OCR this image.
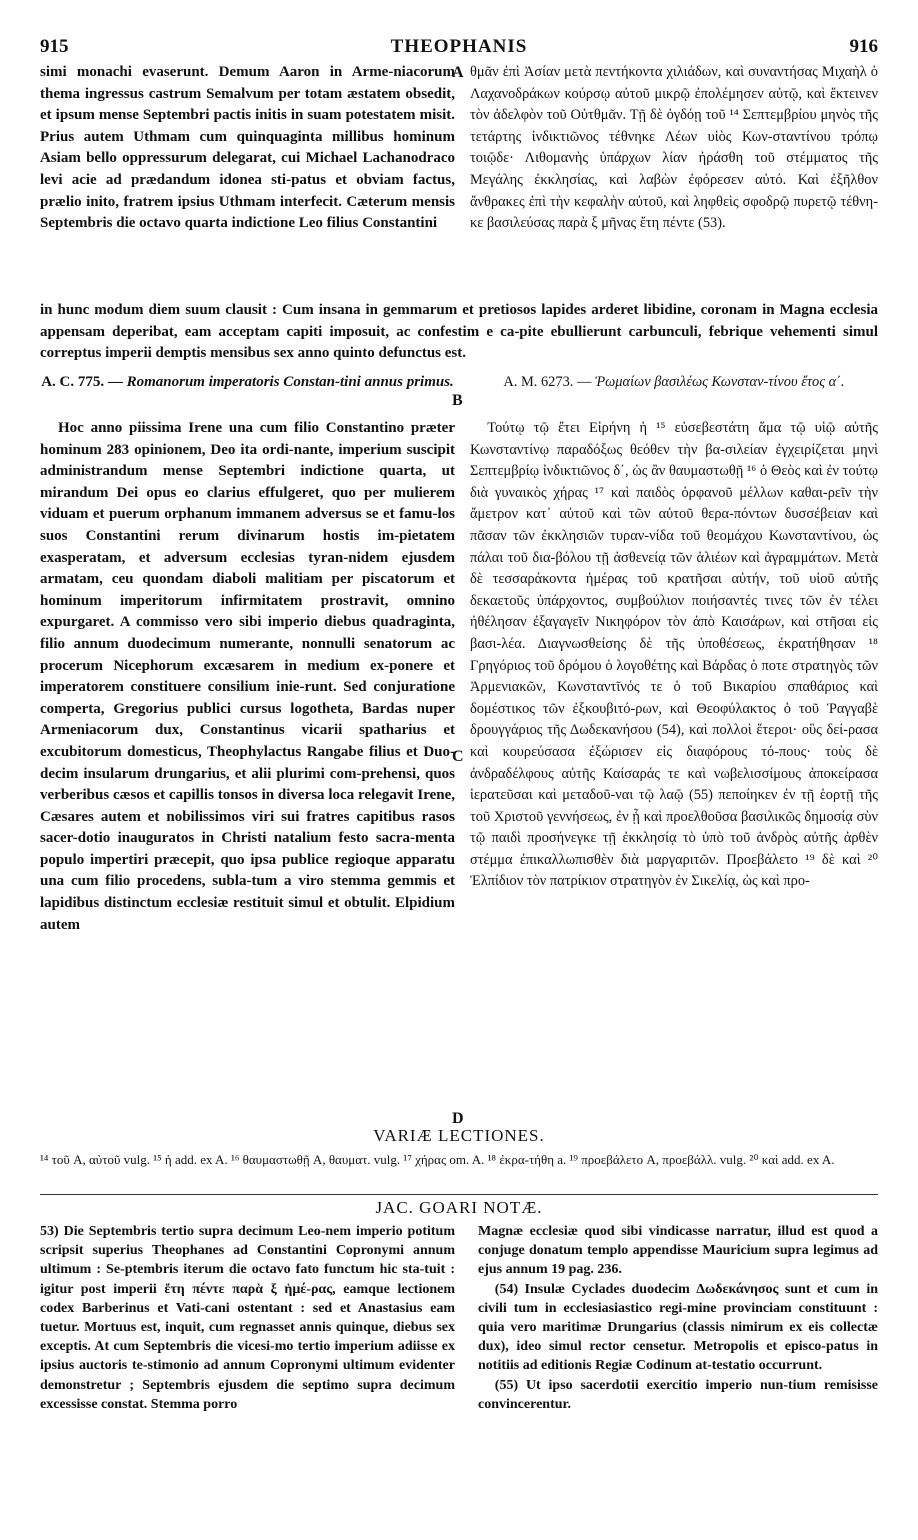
915	THEOPHANIS	916

simi monachi evaserunt. Demum Aaron in Arme-niacorum thema ingressus castrum Semalvum per totam æstatem obsedit, et ipsum mense Septembri pactis initis in suam potestatem misit. Prius autem Uthmam cum quinquaginta millibus hominum Asiam bello oppressurum delegarat, cui Michael Lachanodraco levi acie ad prædandum idonea sti-patus et obviam factus, prælio inito, fratrem ipsius Uthmam interfecit. Cæterum mensis Septembris die octavo quarta indictione Leo filius Constantini

θμᾶν ἐπὶ Ἀσίαν μετὰ πεντήκοντα χιλιάδων, καὶ συναντήσας Μιχαὴλ ὁ Λαχανοδράκων κούρσῳ αὐτοῦ μικρῷ ἐπολέμησεν αὐτῷ, καὶ ἔκτεινεν τὸν ἀδελφὸν τοῦ Οὐτθμᾶν. Τῇ δὲ ὀγδόῃ τοῦ ¹⁴ Σεπτεμβρίου μηνὸς τῆς τετάρτης ἰνδικτιῶνος τέθνηκε Λέων υἱὸς Κων-σταντίνου τρόπῳ τοιῷδε· Λιθομανὴς ὑπάρχων λίαν ἠράσθη τοῦ στέμματος τῆς Μεγάλης ἐκκλησίας, καὶ λαβὼν ἐφόρεσεν αὐτό. Καὶ ἐξῆλθον ἄνθρακες ἐπὶ τὴν κεφαλὴν αὐτοῦ, καὶ ληφθεὶς σφοδρῷ πυρετῷ τέθνη-κε βασιλεύσας παρὰ ξ μῆνας ἔτη πέντε (53).

in hunc modum diem suum clausit : Cum insana in gemmarum et pretiosos lapides arderet libidine, coronam in Magna ecclesia appensam deperibat, eam acceptam capiti imposuit, ac confestim e ca-pite ebullierunt carbunculi, febrique vehementi simul correptus imperii demptis mensibus sex anno quinto defunctus est.

A. C. 775. — Romanorum imperatoris Constan-tini annus primus.	A. M. 6273. — Ῥωμαίων βασιλέως Κωνσταν-τίνου ἔτος α΄.

Hoc anno piissima Irene una cum filio Constantino præter hominum 283 opinionem, Deo ita ordi-nante, imperium suscipit administrandum mense Septembri indictione quarta, ut mirandum Dei opus eo clarius effulgeret, quo per mulierem viduam et puerum orphanum immanem adversus se et famu-los suos Constantini rerum divinarum hostis im-pietatem exasperatam, et adversum ecclesias tyran-nidem ejusdem armatam, ceu quondam diaboli malitiam per piscatorum et hominum imperitorum infirmitatem prostravit, omnino expurgaret. A commisso vero sibi imperio diebus quadraginta, filio annum duodecimum numerante, nonnulli senatorum ac procerum Nicephorum excæsarem in medium ex-ponere et imperatorem constituere consilium inie-runt. Sed conjuratione comperta, Gregorius publici cursus logotheta, Bardas nuper Armeniacorum dux, Constantinus vicarii spatharius et excubitorum domesticus, Theophylactus Rangabe filius et Duo-decim insularum drungarius, et alii plurimi com-prehensi, quos verberibus cæsos et capillis tonsos in diversa loca relegavit Irene, Cæsares autem et nobilissimos viri sui fratres capitibus rasos sacer-dotio inauguratos in Christi natalium festo sacra-menta populo impertiri præcepit, quo ipsa publice regioque apparatu una cum filio procedens, subla-tum a viro stemma gemmis et lapidibus distinctum ecclesiæ restituit simul et obtulit. Elpidium autem

Τούτῳ τῷ ἔτει Εἰρήνη ἡ ¹⁵ εὐσεβεστάτη ἅμα τῷ υἱῷ αὐτῆς Κωνσταντίνῳ παραδόξως θεόθεν τὴν βα-σιλείαν ἐγχειρίζεται μηνὶ Σεπτεμβρίῳ ἰνδικτιῶνος δ΄, ὡς ἂν θαυμαστωθῇ ¹⁶ ὁ Θεὸς καὶ ἐν τούτῳ διὰ γυναικὸς χήρας ¹⁷ καὶ παιδὸς ὀρφανοῦ μέλλων καθαι-ρεῖν τὴν ἄμετρον κατ᾽ αὐτοῦ καὶ τῶν αὐτοῦ θερα-πόντων δυσσέβειαν καὶ πᾶσαν τῶν ἐκκλησιῶν τυραν-νίδα τοῦ θεομάχου Κωνσταντίνου, ὡς πάλαι τοῦ δια-βόλου τῇ ἀσθενείᾳ τῶν ἁλιέων καὶ ἀγραμμάτων. Μετὰ δὲ τεσσαράκοντα ἡμέρας τοῦ κρατῆσαι αὐτήν, τοῦ υἱοῦ αὐτῆς δεκαετοῦς ὑπάρχοντος, συμβούλιον ποιήσαντές τινες τῶν ἐν τέλει ἠθέλησαν ἐξαγαγεῖν Νικηφόρον τὸν ἀπὸ Καισάρων, καὶ στῆσαι εἰς βασι-λέα. Διαγνωσθείσης δὲ τῆς ὑποθέσεως, ἐκρατήθησαν ¹⁸ Γρηγόριος τοῦ δρόμου ὁ λογοθέτης καὶ Βάρδας ὁ ποτε στρατηγὸς τῶν Ἀρμενιακῶν, Κωνσταντῖνός τε ὁ τοῦ Βικαρίου σπαθάριος καὶ δομέστικος τῶν ἐξκουβιτό-ρων, καὶ Θεοφύλακτος ὁ τοῦ Ῥαγγαβὲ δρουγγάριος τῆς Δωδεκανήσου (54), καὶ πολλοὶ ἕτεροι· οὓς δεί-ρασα καὶ κουρεύσασα ἐξώρισεν εἰς διαφόρους τό-πους· τοὺς δὲ ἀνδραδέλφους αὐτῆς Καίσαράς τε καὶ νωβελισσίμους ἀποκείρασα ἱερατεῦσαι καὶ μεταδοῦ-ναι τῷ λαῷ (55) πεποίηκεν ἐν τῇ ἑορτῇ τῆς τοῦ Χριστοῦ γεννήσεως, ἐν ᾗ καὶ προελθοῦσα βασιλικῶς δημοσίᾳ σὺν τῷ παιδὶ προσήνεγκε τῇ ἐκκλησίᾳ τὸ ὑπὸ τοῦ ἀνδρὸς αὐτῆς ἀρθὲν στέμμα ἐπικαλλωπισθὲν διὰ μαργαριτῶν. Προεβάλετο ¹⁹ δὲ καὶ ²⁰ Ἐλπίδιον τὸν πατρίκιον στρατηγὸν ἐν Σικελίᾳ, ὡς καὶ προ-

A
B
C
D
VARIÆ LECTIONES.
¹⁴ τοῦ A, αὐτοῦ vulg. ¹⁵ ἡ add. ex A. ¹⁶ θαυμαστωθῇ A, θαυματ. vulg. ¹⁷ χήρας om. A. ¹⁸ ἐκρα-τήθη a. ¹⁹ προεβάλετο A, προεβάλλ. vulg. ²⁰ καὶ add. ex A.
JAC. GOARI NOTÆ.

53) Die Septembris tertio supra decimum Leo-nem imperio potitum scripsit superius Theophanes ad Constantini Copronymi annum ultimum : Se-ptembris iterum die octavo fato functum hic sta-tuit : igitur post imperii ἔτη πέντε παρὰ ξ ἡμέ-ρας, eamque lectionem codex Barberinus et Vati-cani ostentant : sed et Anastasius eam tuetur. Mortuus est, inquit, cum regnasset annis quinque, diebus sex exceptis. At cum Septembris die vicesi-mo tertio imperium adiisse ex ipsius auctoris te-stimonio ad annum Copronymi ultimum evidenter demonstretur ; Septembris ejusdem die septimo supra decimum excessisse constat. Stemma porro

Magnæ ecclesiæ quod sibi vindicasse narratur, illud est quod a conjuge donatum templo appendisse Mauricium supra legimus ad ejus annum 19 pag. 236.

(54) Insulæ Cyclades duodecim Δωδεκάνησος sunt et cum in civili tum in ecclesiasiastico regi-mine provinciam constituunt : quia vero maritimæ Drungarius (classis nimirum ex eis collectæ dux), ideo simul rector censetur. Metropolis et episco-patus in notitiis ad editionis Regiæ Codinum at-testatio occurrunt.

(55) Ut ipso sacerdotii exercitio imperio nun-tium remisisse convincerentur.
